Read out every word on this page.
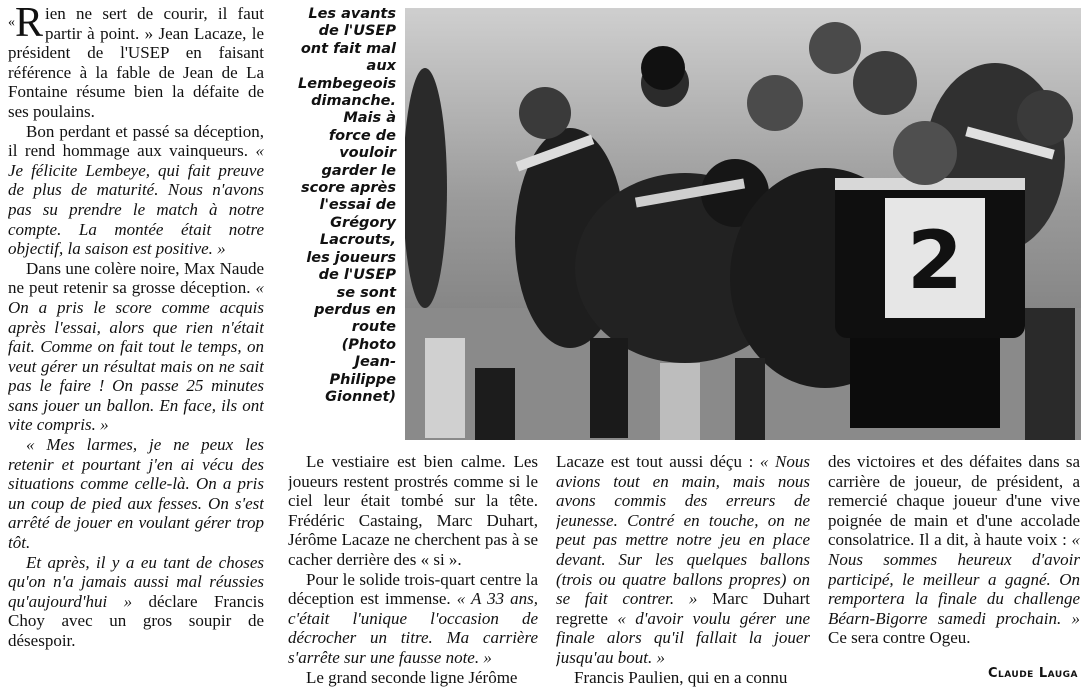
«R ien ne sert de courir, il faut partir à point. » Jean Lacaze, le président de l'USEP en faisant référence à la fable de Jean de La Fontaine résume bien la défaite de ses poulains.

Bon perdant et passé sa déception, il rend hommage aux vainqueurs. « Je félicite Lembeye, qui fait preuve de plus de maturité. Nous n'avons pas su prendre le match à notre compte. La montée était notre objectif, la saison est positive. »

Dans une colère noire, Max Naude ne peut retenir sa grosse déception. « On a pris le score comme acquis après l'essai, alors que rien n'était fait. Comme on fait tout le temps, on veut gérer un résultat mais on ne sait pas le faire ! On passe 25 minutes sans jouer un ballon. En face, ils ont vite compris. »

« Mes larmes, je ne peux les retenir et pourtant j'en ai vécu des situations comme celle-là. On a pris un coup de pied aux fesses. On s'est arrêté de jouer en voulant gérer trop tôt.

Et après, il y a eu tant de choses qu'on n'a jamais aussi mal réussies qu'aujourd'hui » déclare Francis Choy avec un gros soupir de désespoir.

Les avants de l'USEP ont fait mal aux Lembegeois dimanche. Mais à force de vouloir garder le score après l'essai de Grégory Lacrouts, les joueurs de l'USEP se sont perdus en route (Photo Jean-Philippe Gionnet)
2

Le vestiaire est bien calme. Les joueurs restent prostrés comme si le ciel leur était tombé sur la tête. Frédéric Castaing, Marc Duhart, Jérôme Lacaze ne cherchent pas à se cacher derrière des « si ».

Pour le solide trois-quart centre la déception est immense. « A 33 ans, c'était l'unique l'occasion de décrocher un titre. Ma carrière s'arrête sur une fausse note. »

Le grand seconde ligne Jérôme

Lacaze est tout aussi déçu : « Nous avions tout en main, mais nous avons commis des erreurs de jeunesse. Contré en touche, on ne peut pas mettre notre jeu en place devant. Sur les quelques ballons (trois ou quatre ballons propres) on se fait contrer. » Marc Duhart regrette « d'avoir voulu gérer une finale alors qu'il fallait la jouer jusqu'au bout. »

Francis Paulien, qui en a connu

des victoires et des défaites dans sa carrière de joueur, de président, a remercié chaque joueur d'une vive poignée de main et d'une accolade consolatrice. Il a dit, à haute voix : « Nous sommes heureux d'avoir participé, le meilleur a gagné. On remportera la finale du challenge Béarn-Bigorre samedi prochain. » Ce sera contre Ogeu.

Claude Lauga
